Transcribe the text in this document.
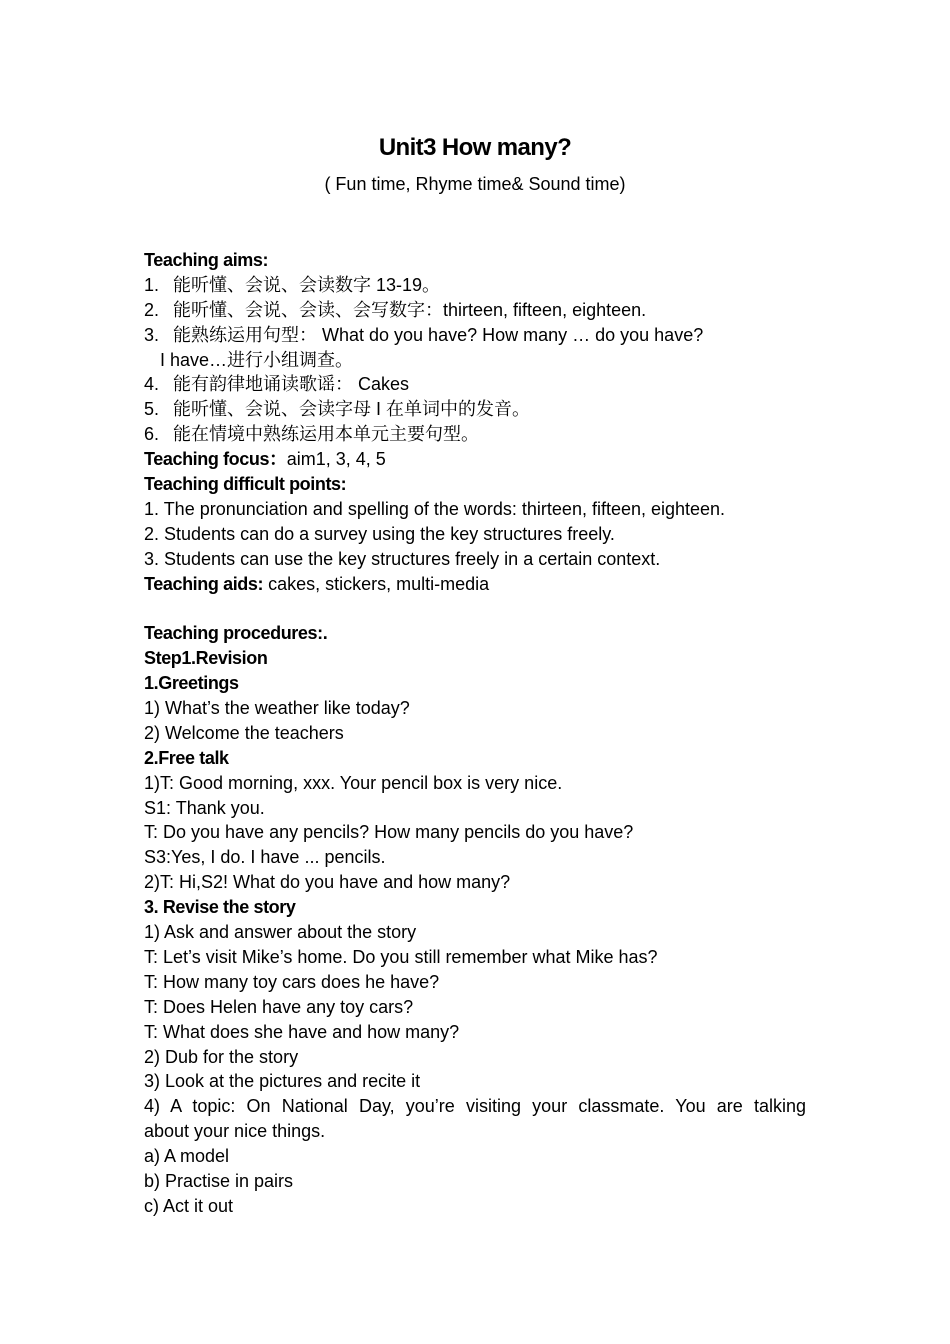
Unit3 How many?
( Fun time, Rhyme time& Sound time)
Teaching aims:
1. 能听懂、会说、会读数字 13-19。
2. 能听懂、会说、会读、会写数字：thirteen, fifteen, eighteen.
3. 能熟练运用句型： What do you have? How many … do you have?
I have…进行小组调查。
4. 能有韵律地诵读歌谣： Cakes
5. 能听懂、会说、会读字母 I 在单词中的发音。
6. 能在情境中熟练运用本单元主要句型。
Teaching focus：aim1, 3, 4, 5
Teaching difficult points:
1. The pronunciation and spelling of the words: thirteen, fifteen, eighteen.
2. Students can do a survey using the key structures freely.
3. Students can use the key structures freely in a certain context.
Teaching aids: cakes, stickers, multi-media
Teaching procedures:.
Step1.Revision
1.Greetings
1) What’s the weather like today?
2) Welcome the teachers
2.Free talk
1)T: Good morning, xxx. Your pencil box is very nice.
S1: Thank you.
T: Do you have any pencils? How many pencils do you have?
S3:Yes, I do. I have ... pencils.
2)T: Hi,S2! What do you have and how many?
3. Revise the story
1) Ask and answer about the story
T: Let’s visit Mike’s home. Do you still remember what Mike has?
T: How many toy cars does he have?
T: Does Helen have any toy cars?
T: What does she have and how many?
2) Dub for the story
3) Look at the pictures and recite it
4) A topic: On National Day, you’re visiting your classmate. You are talking
about your nice things.
a) A model
b) Practise in pairs
c) Act it out
